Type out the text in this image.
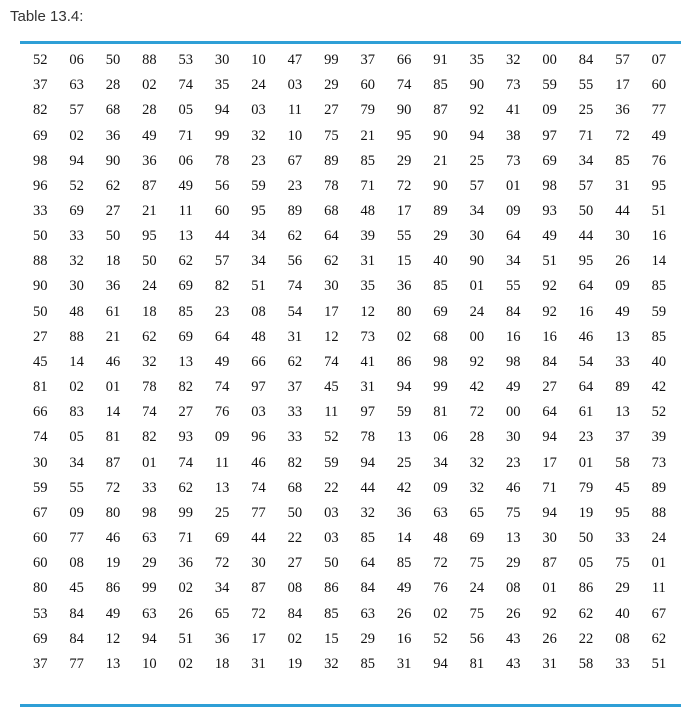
Table 13.4:
52	06	50	88	53	30	10	47	99	37	66	91	35	32	00	84	57	07
37	63	28	02	74	35	24	03	29	60	74	85	90	73	59	55	17	60
82	57	68	28	05	94	03	11	27	79	90	87	92	41	09	25	36	77
69	02	36	49	71	99	32	10	75	21	95	90	94	38	97	71	72	49
98	94	90	36	06	78	23	67	89	85	29	21	25	73	69	34	85	76
96	52	62	87	49	56	59	23	78	71	72	90	57	01	98	57	31	95
33	69	27	21	11	60	95	89	68	48	17	89	34	09	93	50	44	51
50	33	50	95	13	44	34	62	64	39	55	29	30	64	49	44	30	16
88	32	18	50	62	57	34	56	62	31	15	40	90	34	51	95	26	14
90	30	36	24	69	82	51	74	30	35	36	85	01	55	92	64	09	85
50	48	61	18	85	23	08	54	17	12	80	69	24	84	92	16	49	59
27	88	21	62	69	64	48	31	12	73	02	68	00	16	16	46	13	85
45	14	46	32	13	49	66	62	74	41	86	98	92	98	84	54	33	40
81	02	01	78	82	74	97	37	45	31	94	99	42	49	27	64	89	42
66	83	14	74	27	76	03	33	11	97	59	81	72	00	64	61	13	52
74	05	81	82	93	09	96	33	52	78	13	06	28	30	94	23	37	39
30	34	87	01	74	11	46	82	59	94	25	34	32	23	17	01	58	73
59	55	72	33	62	13	74	68	22	44	42	09	32	46	71	79	45	89
67	09	80	98	99	25	77	50	03	32	36	63	65	75	94	19	95	88
60	77	46	63	71	69	44	22	03	85	14	48	69	13	30	50	33	24
60	08	19	29	36	72	30	27	50	64	85	72	75	29	87	05	75	01
80	45	86	99	02	34	87	08	86	84	49	76	24	08	01	86	29	11
53	84	49	63	26	65	72	84	85	63	26	02	75	26	92	62	40	67
69	84	12	94	51	36	17	02	15	29	16	52	56	43	26	22	08	62
37	77	13	10	02	18	31	19	32	85	31	94	81	43	31	58	33	51
